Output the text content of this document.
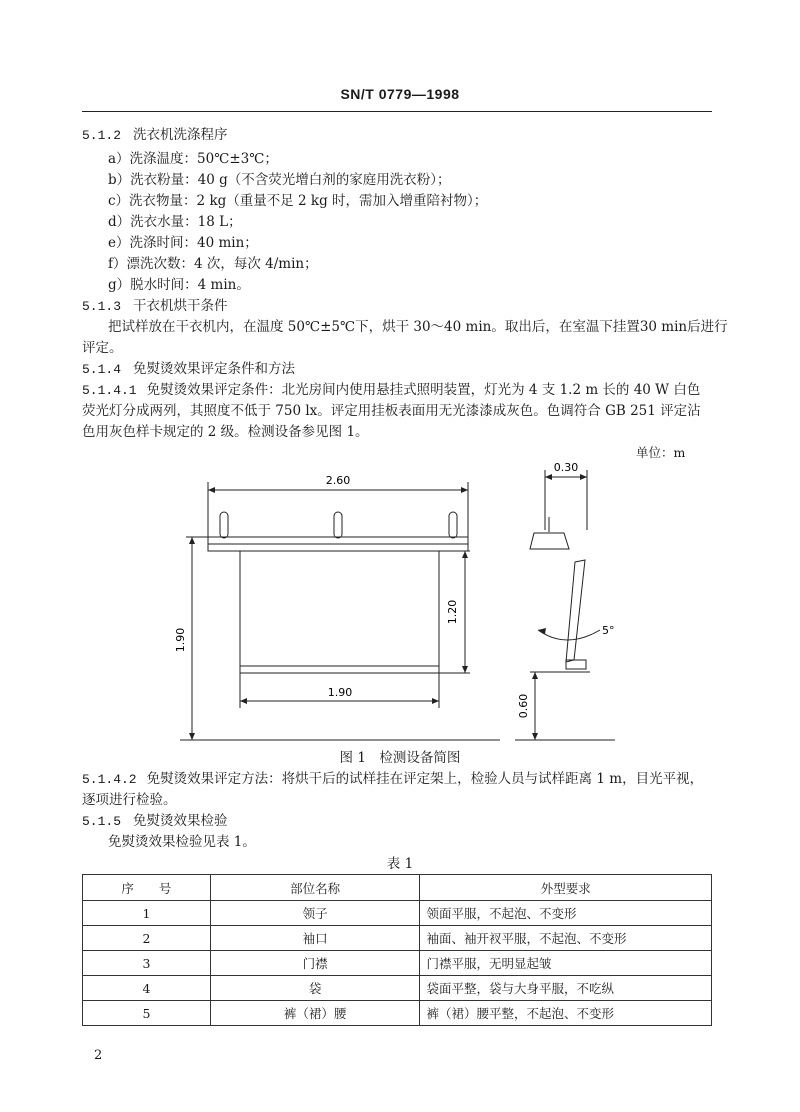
SN/T 0779—1998
5.1.2 洗衣机洗涤程序
a）洗涤温度：50℃±3℃；
b）洗衣粉量：40 g（不含荧光增白剂的家庭用洗衣粉）；
c）洗衣物量：2 kg（重量不足 2 kg 时，需加入增重陪衬物）；
d）洗衣水量：18 L；
e）洗涤时间：40 min；
f）漂洗次数：4 次，每次 4/min；
g）脱水时间：4 min。
5.1.3 干衣机烘干条件
把试样放在干衣机内，在温度 50℃±5℃下，烘干 30～40 min。取出后，在室温下挂置30 min后进行
评定。
5.1.4 免熨烫效果评定条件和方法
5.1.4.1 免熨烫效果评定条件：北光房间内使用悬挂式照明装置，灯光为 4 支 1.2 m 长的 40 W 白色
荧光灯分成两列，其照度不低于 750 lx。评定用挂板表面用无光漆漆成灰色。色调符合 GB 251 评定沾
色用灰色样卡规定的 2 级。检测设备参见图 1。
单位：m
2.60
0.30
1.90
1.20
1.90
0.60
5°
图 1　检测设备简图
5.1.4.2 免熨烫效果评定方法：将烘干后的试样挂在评定架上，检验人员与试样距离 1 m，目光平视，
逐项进行检验。
5.1.5 免熨烫效果检验
免熨烫效果检验见表 1。
表 1
序　　号	部位名称	外型要求
1	领子	领面平服，不起泡、不变形
2	袖口	袖面、袖开衩平服，不起泡、不变形
3	门襟	门襟平服，无明显起皱
4	袋	袋面平整，袋与大身平服，不吃纵
5	裤（裙）腰	裤（裙）腰平整，不起泡、不变形
2
